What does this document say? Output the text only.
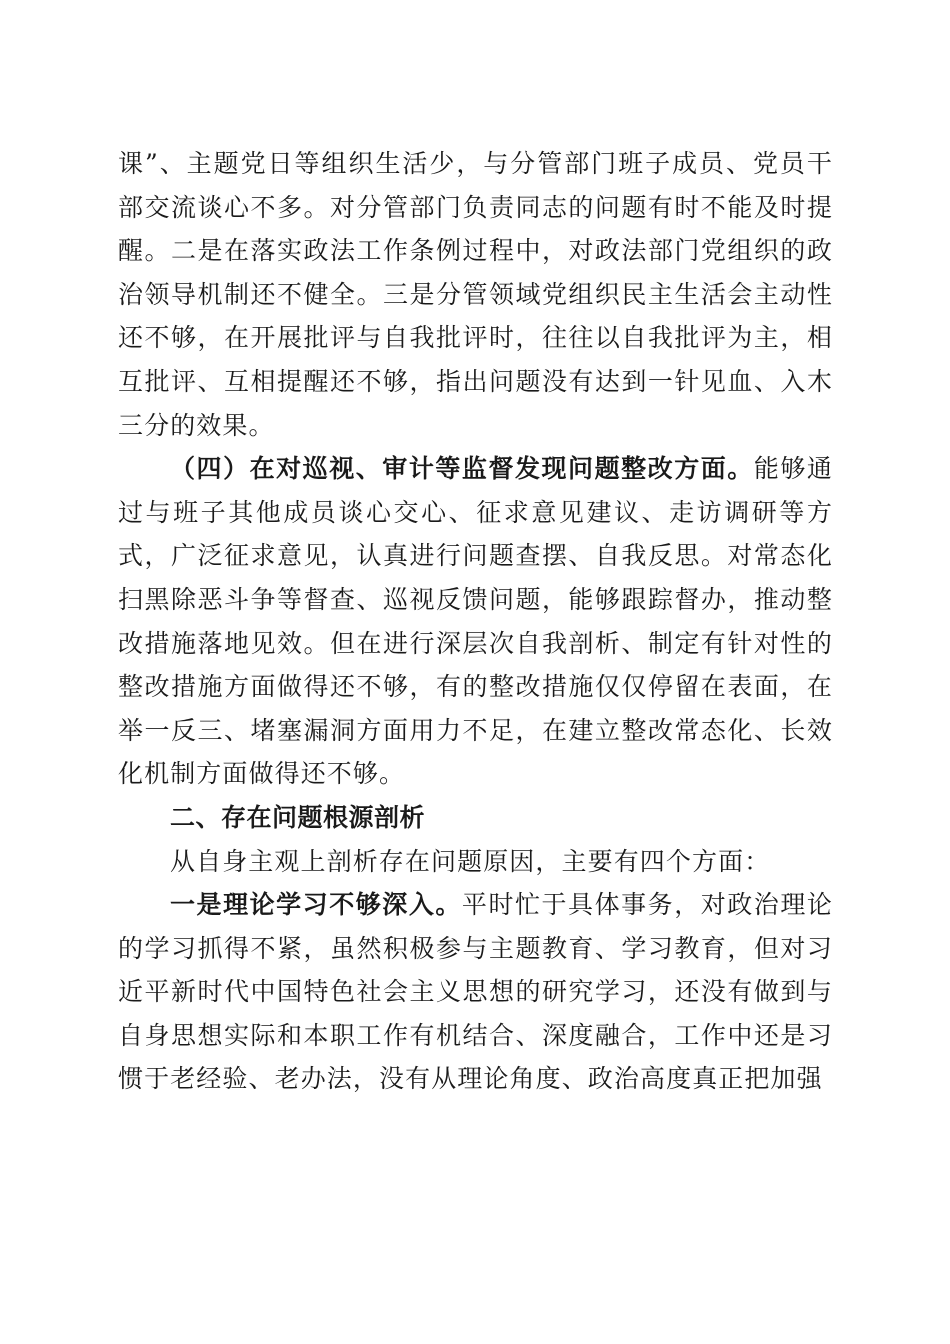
课”、主题党日等组织生活少，与分管部门班子成员、党员干部交流谈心不多。对分管部门负责同志的问题有时不能及时提醒。二是在落实政法工作条例过程中，对政法部门党组织的政治领导机制还不健全。三是分管领域党组织民主生活会主动性还不够，在开展批评与自我批评时，往往以自我批评为主，相互批评、互相提醒还不够，指出问题没有达到一针见血、入木三分的效果。

（四）在对巡视、审计等监督发现问题整改方面。能够通过与班子其他成员谈心交心、征求意见建议、走访调研等方式，广泛征求意见，认真进行问题查摆、自我反思。对常态化扫黑除恶斗争等督查、巡视反馈问题，能够跟踪督办，推动整改措施落地见效。但在进行深层次自我剖析、制定有针对性的整改措施方面做得还不够，有的整改措施仅仅停留在表面，在举一反三、堵塞漏洞方面用力不足，在建立整改常态化、长效化机制方面做得还不够。

二、存在问题根源剖析

从自身主观上剖析存在问题原因，主要有四个方面：

一是理论学习不够深入。平时忙于具体事务，对政治理论的学习抓得不紧，虽然积极参与主题教育、学习教育，但对习近平新时代中国特色社会主义思想的研究学习，还没有做到与自身思想实际和本职工作有机结合、深度融合，工作中还是习惯于老经验、老办法，没有从理论角度、政治高度真正把加强
